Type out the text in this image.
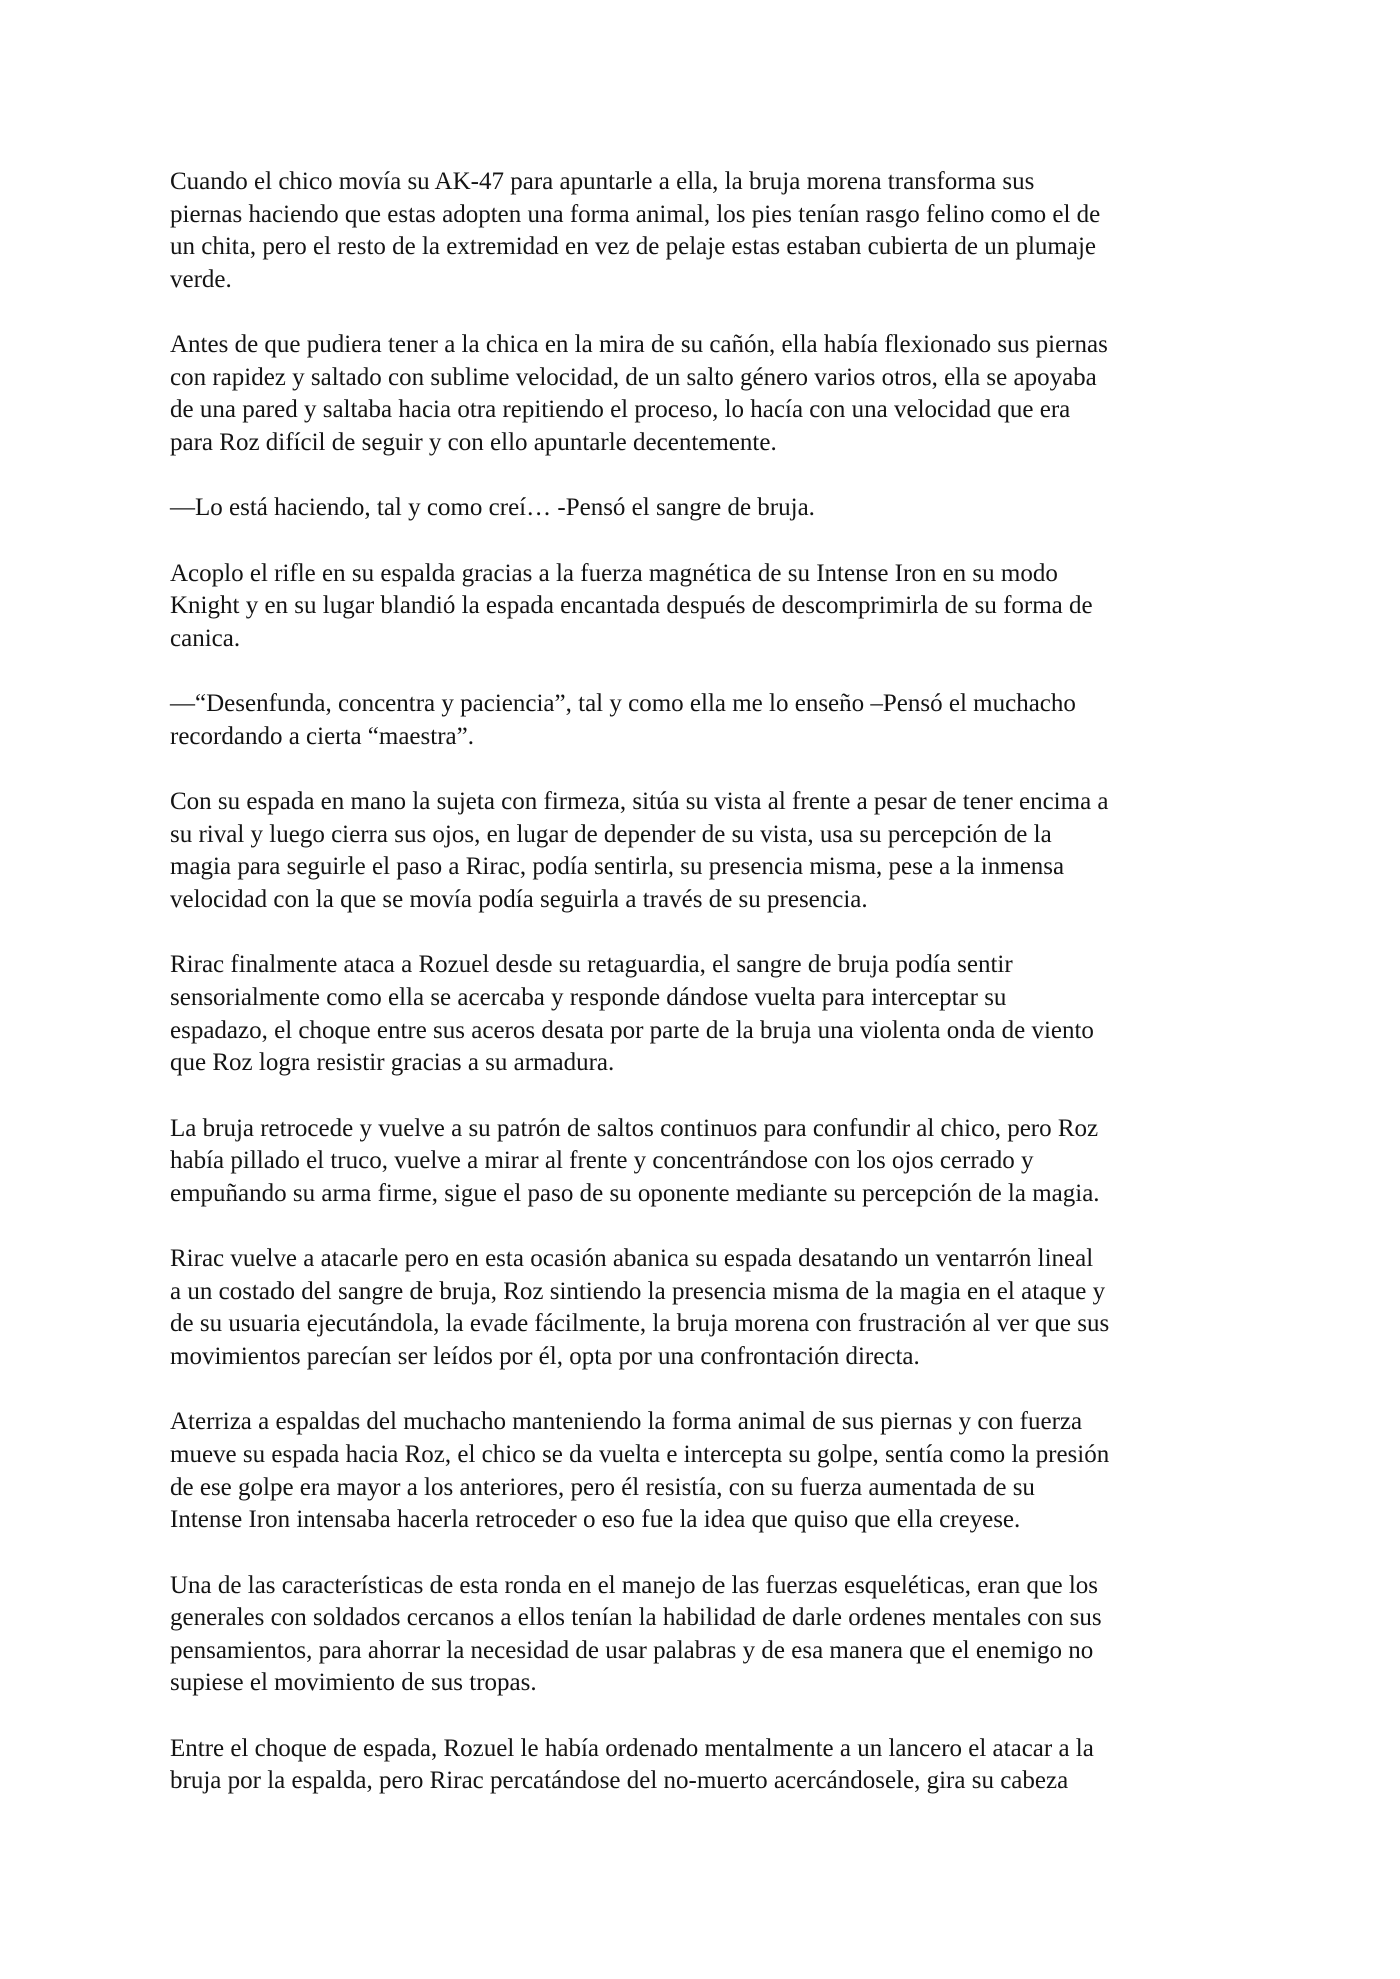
Cuando el chico movía su AK-47 para apuntarle a ella, la bruja morena transforma sus
piernas haciendo que estas adopten una forma animal, los pies tenían rasgo felino como el de
un chita, pero el resto de la extremidad en vez de pelaje estas estaban cubierta de un plumaje
verde.

Antes de que pudiera tener a la chica en la mira de su cañón, ella había flexionado sus piernas
con rapidez y saltado con sublime velocidad, de un salto género varios otros, ella se apoyaba
de una pared y saltaba hacia otra repitiendo el proceso, lo hacía con una velocidad que era
para Roz difícil de seguir y con ello apuntarle decentemente.

—Lo está haciendo, tal y como creí… -Pensó el sangre de bruja.

Acoplo el rifle en su espalda gracias a la fuerza magnética de su Intense Iron en su modo
Knight y en su lugar blandió la espada encantada después de descomprimirla de su forma de
canica.

—“Desenfunda, concentra y paciencia”, tal y como ella me lo enseño –Pensó el muchacho
recordando a cierta “maestra”.

Con su espada en mano la sujeta con firmeza, sitúa su vista al frente a pesar de tener encima a
su rival y luego cierra sus ojos, en lugar de depender de su vista, usa su percepción de la
magia para seguirle el paso a Rirac, podía sentirla, su presencia misma, pese a la inmensa
velocidad con la que se movía podía seguirla a través de su presencia.

Rirac finalmente ataca a Rozuel desde su retaguardia, el sangre de bruja podía sentir
sensorialmente como ella se acercaba y responde dándose vuelta para interceptar su
espadazo, el choque entre sus aceros desata por parte de la bruja una violenta onda de viento
que Roz logra resistir gracias a su armadura.

La bruja retrocede y vuelve a su patrón de saltos continuos para confundir al chico, pero Roz
había pillado el truco, vuelve a mirar al frente y concentrándose con los ojos cerrado y
empuñando su arma firme, sigue el paso de su oponente mediante su percepción de la magia.

Rirac vuelve a atacarle pero en esta ocasión abanica su espada desatando un ventarrón lineal
a un costado del sangre de bruja, Roz sintiendo la presencia misma de la magia en el ataque y
de su usuaria ejecutándola, la evade fácilmente, la bruja morena con frustración al ver que sus
movimientos parecían ser leídos por él, opta por una confrontación directa.

Aterriza a espaldas del muchacho manteniendo la forma animal de sus piernas y con fuerza
mueve su espada hacia Roz, el chico se da vuelta e intercepta su golpe, sentía como la presión
de ese golpe era mayor a los anteriores, pero él resistía, con su fuerza aumentada de su
Intense Iron intensaba hacerla retroceder o eso fue la idea que quiso que ella creyese.

Una de las características de esta ronda en el manejo de las fuerzas esqueléticas, eran que los
generales con soldados cercanos a ellos tenían la habilidad de darle ordenes mentales con sus
pensamientos, para ahorrar la necesidad de usar palabras y de esa manera que el enemigo no
supiese el movimiento de sus tropas.

Entre el choque de espada, Rozuel le había ordenado mentalmente a un lancero el atacar a la
bruja por la espalda, pero Rirac percatándose del no-muerto acercándosele, gira su cabeza
